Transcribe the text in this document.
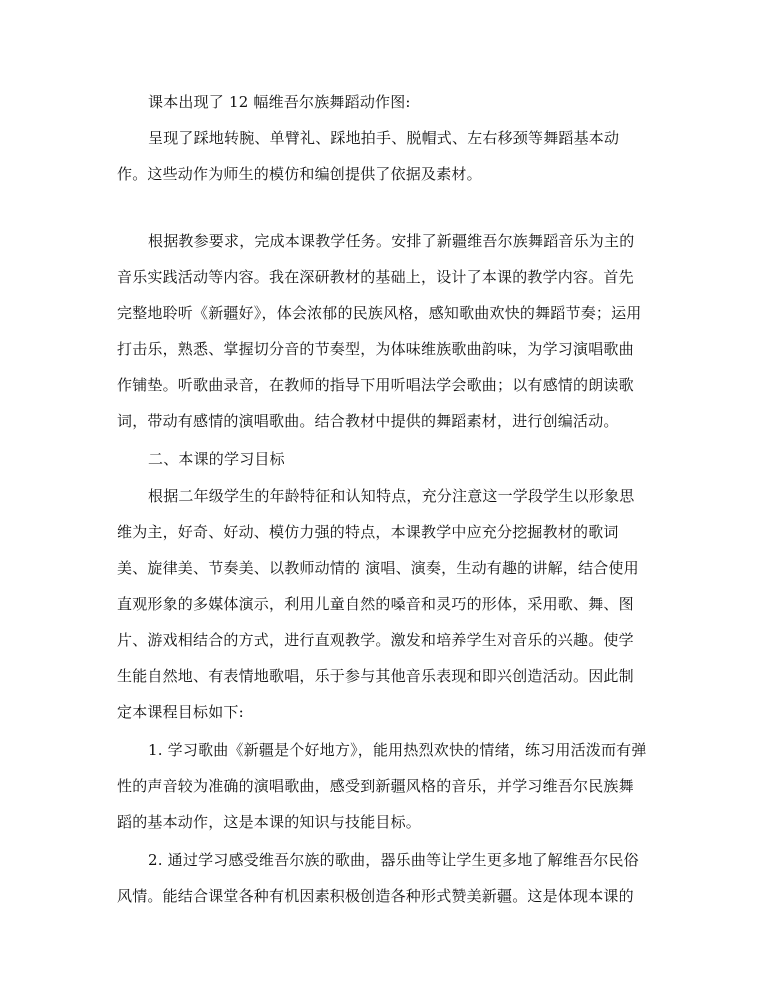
课本出现了 12 幅维吾尔族舞蹈动作图:
呈现了踩地转腕、单臂礼、踩地拍手、脱帽式、左右移颈等舞蹈基本动
作。这些动作为师生的模仿和编创提供了依据及素材。
根据教参要求，完成本课教学任务。安排了新疆维吾尔族舞蹈音乐为主的
音乐实践活动等内容。我在深研教材的基础上，设计了本课的教学内容。首先
完整地聆听《新疆好》，体会浓郁的民族风格，感知歌曲欢快的舞蹈节奏；运用
打击乐，熟悉、掌握切分音的节奏型，为体味维族歌曲韵味，为学习演唱歌曲
作铺垫。听歌曲录音，在教师的指导下用听唱法学会歌曲；以有感情的朗读歌
词，带动有感情的演唱歌曲。结合教材中提供的舞蹈素材，进行创编活动。
二、本课的学习目标
根据二年级学生的年龄特征和认知特点，充分注意这一学段学生以形象思
维为主，好奇、好动、模仿力强的特点，本课教学中应充分挖掘教材的歌词
美、旋律美、节奏美、以教师动情的 演唱、演奏，生动有趣的讲解，结合使用
直观形象的多媒体演示，利用儿童自然的嗓音和灵巧的形体，采用歌、舞、图
片、游戏相结合的方式，进行直观教学。激发和培养学生对音乐的兴趣。使学
生能自然地、有表情地歌唱，乐于参与其他音乐表现和即兴创造活动。因此制
定本课程目标如下:
1. 学习歌曲《新疆是个好地方》，能用热烈欢快的情绪，练习用活泼而有弹
性的声音较为准确的演唱歌曲，感受到新疆风格的音乐，并学习维吾尔民族舞
蹈的基本动作，这是本课的知识与技能目标。
2. 通过学习感受维吾尔族的歌曲，器乐曲等让学生更多地了解维吾尔民俗
风情。能结合课堂各种有机因素积极创造各种形式赞美新疆。这是体现本课的
